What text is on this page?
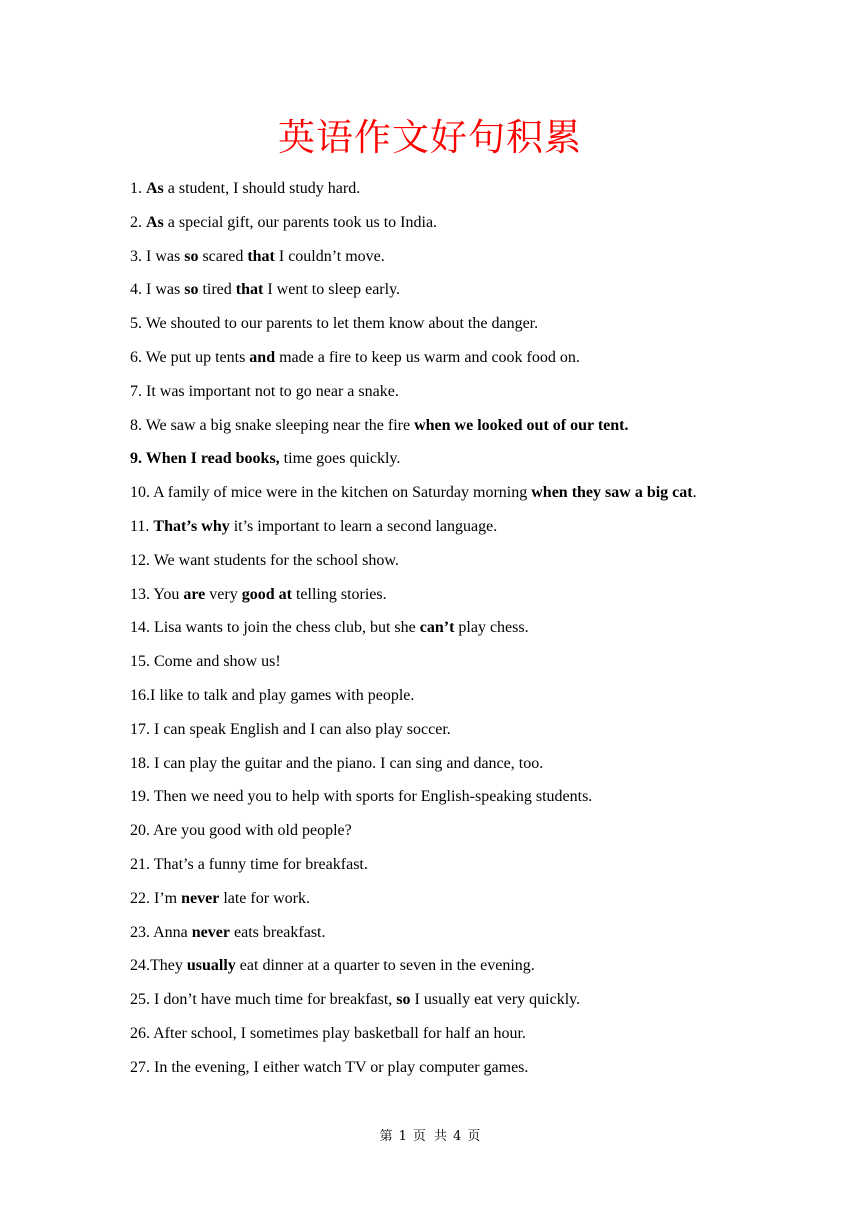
英语作文好句积累
1. As a student, I should study hard.
2. As a special gift, our parents took us to India.
3. I was so scared that I couldn’t move.
4. I was so tired that I went to sleep early.
5. We shouted to our parents to let them know about the danger.
6. We put up tents and made a fire to keep us warm and cook food on.
7. It was important not to go near a snake.
8. We saw a big snake sleeping near the fire when we looked out of our tent.
9. When I read books, time goes quickly.
10. A family of mice were in the kitchen on Saturday morning when they saw a big cat.
11. That’s why it’s important to learn a second language.
12. We want students for the school show.
13. You are very good at telling stories.
14. Lisa wants to join the chess club, but she can’t play chess.
15. Come and show us!
16.I like to talk and play games with people.
17. I can speak English and I can also play soccer.
18. I can play the guitar and the piano. I can sing and dance, too.
19. Then we need you to help with sports for English-speaking students.
20. Are you good with old people?
21. That’s a funny time for breakfast.
22. I’m never late for work.
23. Anna never eats breakfast.
24.They usually eat dinner at a quarter to seven in the evening.
25. I don’t have much time for breakfast, so I usually eat very quickly.
26. After school, I sometimes play basketball for half an hour.
27. In the evening, I either watch TV or play computer games.
第 1 页 共 4 页
